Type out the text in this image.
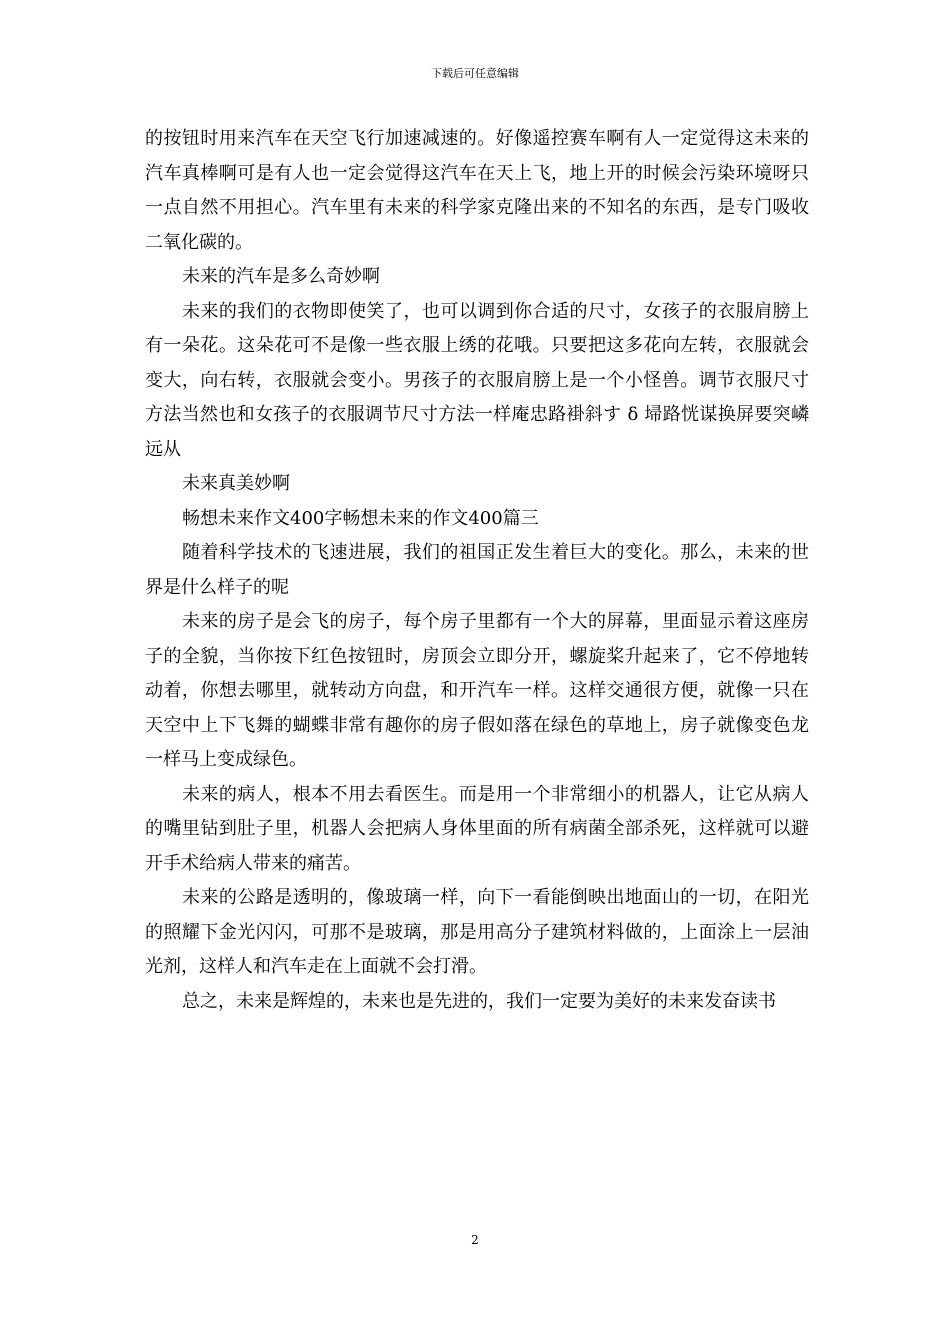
下载后可任意编辑

的按钮时用来汽车在天空飞行加速减速的。好像遥控赛车啊有人一定觉得这未来的汽车真棒啊可是有人也一定会觉得这汽车在天上飞，地上开的时候会污染环境呀只一点自然不用担心。汽车里有未来的科学家克隆出来的不知名的东西，是专门吸收二氧化碳的。

未来的汽车是多么奇妙啊

未来的我们的衣物即使笑了，也可以调到你合适的尺寸，女孩子的衣服肩膀上有一朵花。这朵花可不是像一些衣服上绣的花哦。只要把这多花向左转，衣服就会变大，向右转，衣服就会变小。男孩子的衣服肩膀上是一个小怪兽。调节衣服尺寸方法当然也和女孩子的衣服调节尺寸方法一样庵忠路褂斜す δ 埽路恍谋换屏要突嶙远从

未来真美妙啊

畅想未来作文400字畅想未来的作文400篇三

随着科学技术的飞速进展，我们的祖国正发生着巨大的变化。那么，未来的世界是什么样子的呢

未来的房子是会飞的房子，每个房子里都有一个大的屏幕，里面显示着这座房子的全貌，当你按下红色按钮时，房顶会立即分开，螺旋桨升起来了，它不停地转动着，你想去哪里，就转动方向盘，和开汽车一样。这样交通很方便，就像一只在天空中上下飞舞的蝴蝶非常有趣你的房子假如落在绿色的草地上，房子就像变色龙一样马上变成绿色。

未来的病人，根本不用去看医生。而是用一个非常细小的机器人，让它从病人的嘴里钻到肚子里，机器人会把病人身体里面的所有病菌全部杀死，这样就可以避开手术给病人带来的痛苦。

未来的公路是透明的，像玻璃一样，向下一看能倒映出地面山的一切，在阳光的照耀下金光闪闪，可那不是玻璃，那是用高分子建筑材料做的，上面涂上一层油光剂，这样人和汽车走在上面就不会打滑。

总之，未来是辉煌的，未来也是先进的，我们一定要为美好的未来发奋读书

2
